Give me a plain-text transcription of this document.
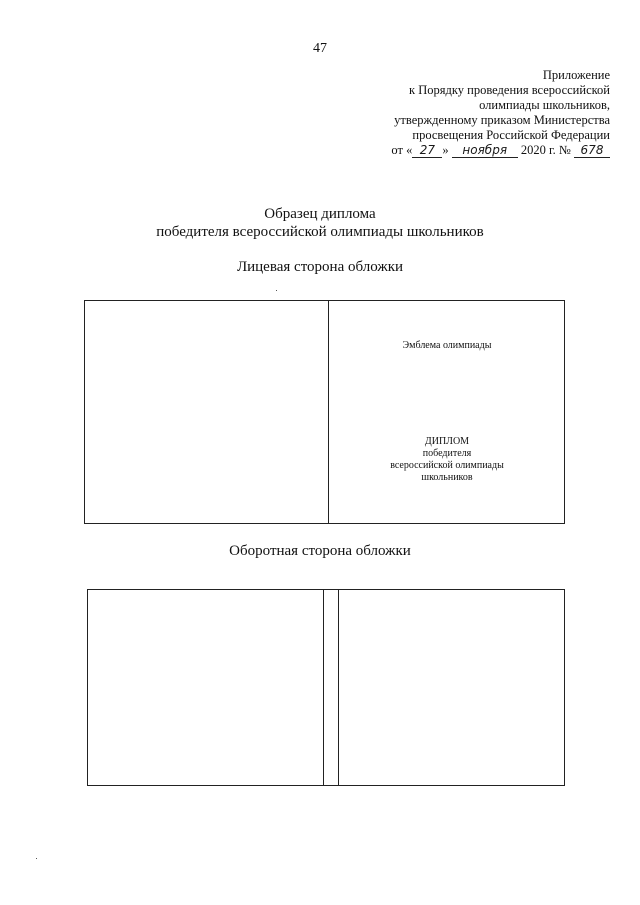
47
Приложение
к Порядку проведения всероссийской
олимпиады школьников,
утвержденному приказом Министерства
просвещения Российской Федерации
от « 27 » ноября 2020 г. № 678
Образец диплома
победителя всероссийской олимпиады школьников
Лицевая сторона обложки
Эмблема олимпиады
ДИПЛОМ
победителя
всероссийской олимпиады
школьников
Оборотная сторона обложки
